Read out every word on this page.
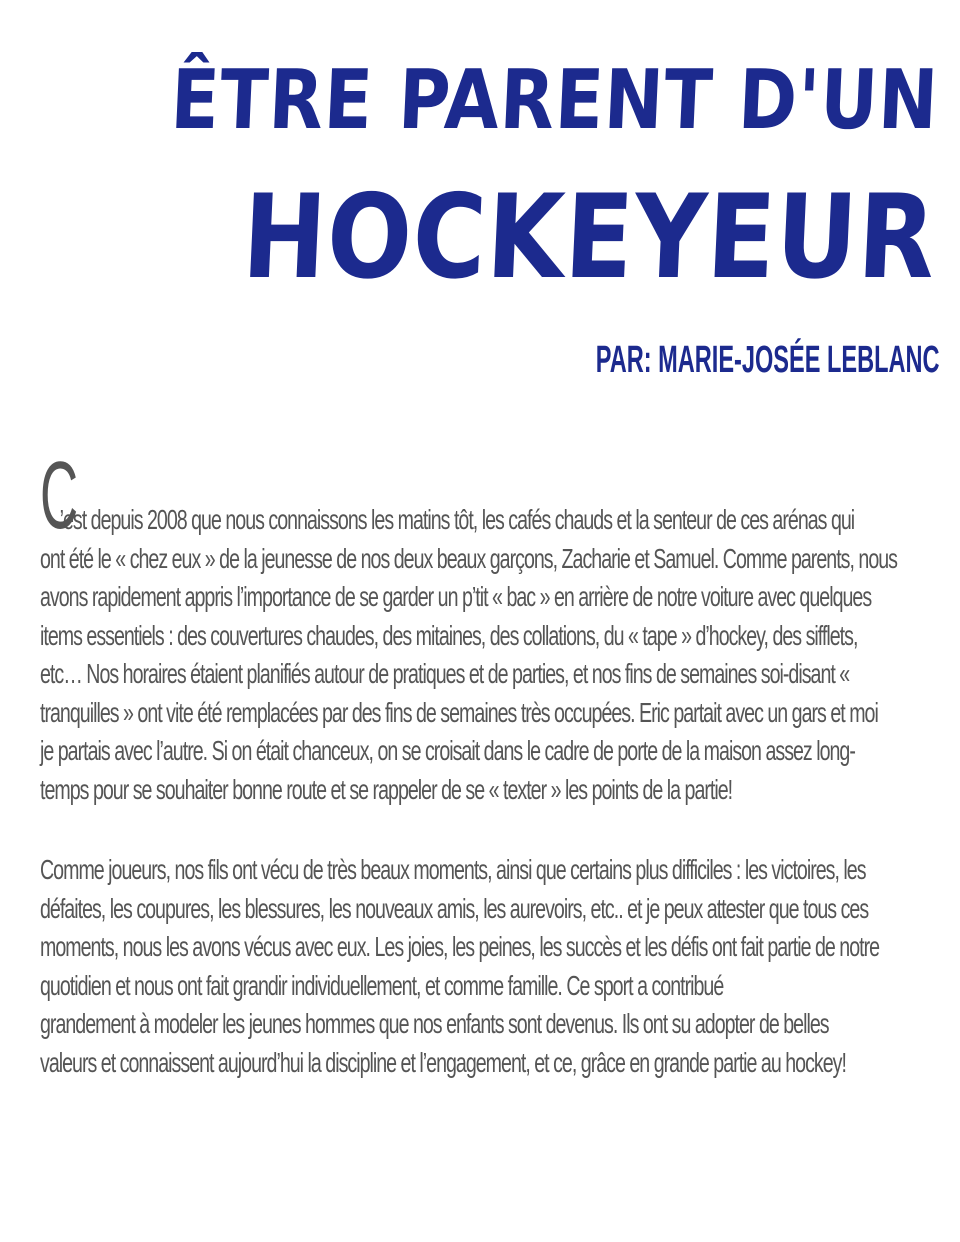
ÊTRE PARENT D'UN
HOCKEYEUR

PAR: MARIE-JOSÉE LEBLANC

C
’est depuis 2008 que nous connaissons les matins tôt, les cafés chauds et la senteur de ces arénas qui
ont été le « chez eux » de la jeunesse de nos deux beaux garçons, Zacharie et Samuel. Comme parents, nous
avons rapidement appris l’importance de se garder un p’tit « bac » en arrière de notre voiture avec quelques
items essentiels : des couvertures chaudes, des mitaines, des collations, du « tape » d’hockey, des sifflets,
etc… Nos horaires étaient planifiés autour de pratiques et de parties, et nos fins de semaines soi-disant «
tranquilles » ont vite été remplacées par des fins de semaines très occupées. Eric partait avec un gars et moi
je partais avec l’autre. Si on était chanceux, on se croisait dans le cadre de porte de la maison assez long-
temps pour se souhaiter bonne route et se rappeler de se « texter » les points de la partie!
Comme joueurs, nos fils ont vécu de très beaux moments, ainsi que certains plus difficiles : les victoires, les
défaites, les coupures, les blessures, les nouveaux amis, les aurevoirs, etc.. et je peux attester que tous ces
moments, nous les avons vécus avec eux. Les joies, les peines, les succès et les défis ont fait partie de notre
quotidien et nous ont fait grandir individuellement, et comme famille. Ce sport a contribué
grandement à modeler les jeunes hommes que nos enfants sont devenus. Ils ont su adopter de belles
valeurs et connaissent aujourd’hui la discipline et l’engagement, et ce, grâce en grande partie au hockey!
